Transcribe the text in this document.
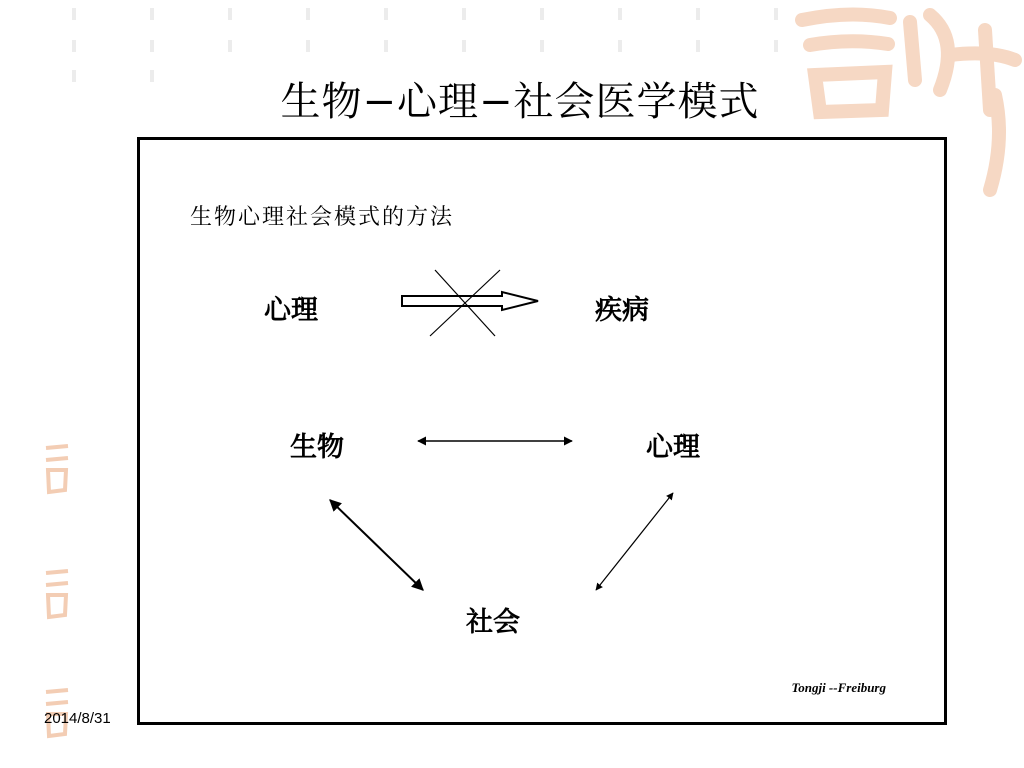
生物−心理−社会医学模式
生物心理社会模式的方法
心理	疾病
生物	心理
社会
Tongji --Freiburg
2014/8/31
